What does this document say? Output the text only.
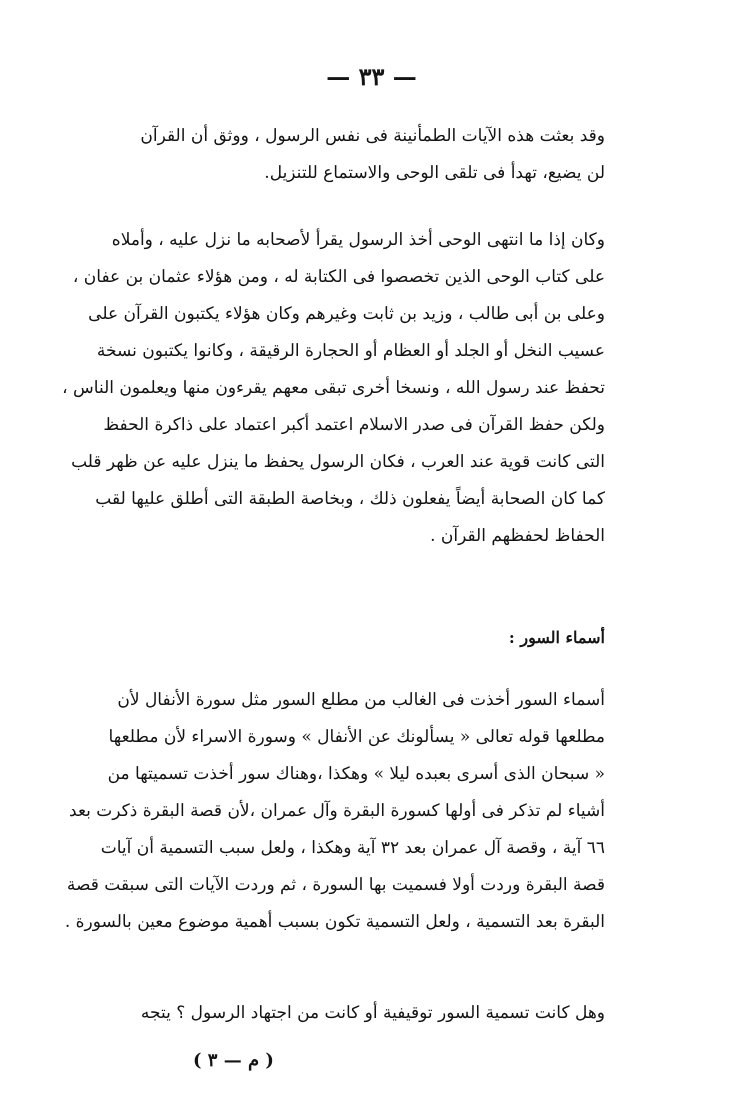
— ٣٣ —
وقد بعثت هذه الآيات الطمأنينة فى نفس الرسول ، ووثق أن القرآن
لن يضيع، تهدأ فى تلقى الوحى والاستماع للتنزيل.
وكان إذا ما انتهى الوحى أخذ الرسول يقرأ لأصحابه ما نزل عليه ، وأملاه
على كتاب الوحى الذين تخصصوا فى الكتابة له ، ومن هؤلاء عثمان بن عفان ،
وعلى بن أبى طالب ، وزيد بن ثابت وغيرهم وكان هؤلاء يكتبون القرآن على
عسيب النخل أو الجلد أو العظام أو الحجارة الرقيقة ، وكانوا يكتبون نسخة
تحفظ عند رسول الله ، ونسخا أخرى تبقى معهم يقرءون منها ويعلمون الناس ،
ولكن حفظ القرآن فى صدر الاسلام اعتمد أكبر اعتماد على ذاكرة الحفظ
التى كانت قوية عند العرب ، فكان الرسول يحفظ ما ينزل عليه عن ظهر قلب
كما كان الصحابة أيضاً يفعلون ذلك ، وبخاصة الطبقة التى أطلق عليها لقب
الحفاظ لحفظهم القرآن .
أسماء السور :
أسماء السور أخذت فى الغالب من مطلع السور مثل سورة الأنفال لأن
مطلعها قوله تعالى « يسألونك عن الأنفال » وسورة الاسراء لأن مطلعها
« سبحان الذى أسرى بعبده ليلا » وهكذا ،وهناك سور أخذت تسميتها من
أشياء لم تذكر فى أولها كسورة البقرة وآل عمران ،لأن قصة البقرة ذكرت بعد
٦٦ آية ، وقصة آل عمران بعد ٣٢ آية وهكذا ، ولعل سبب التسمية أن آيات
قصة البقرة وردت أولا فسميت بها السورة ، ثم وردت الآيات التى سبقت قصة
البقرة بعد التسمية ، ولعل التسمية تكون بسبب أهمية موضوع معين بالسورة .
وهل كانت تسمية السور توقيفية أو كانت من اجتهاد الرسول ؟ يتجه
( م — ٣ )
